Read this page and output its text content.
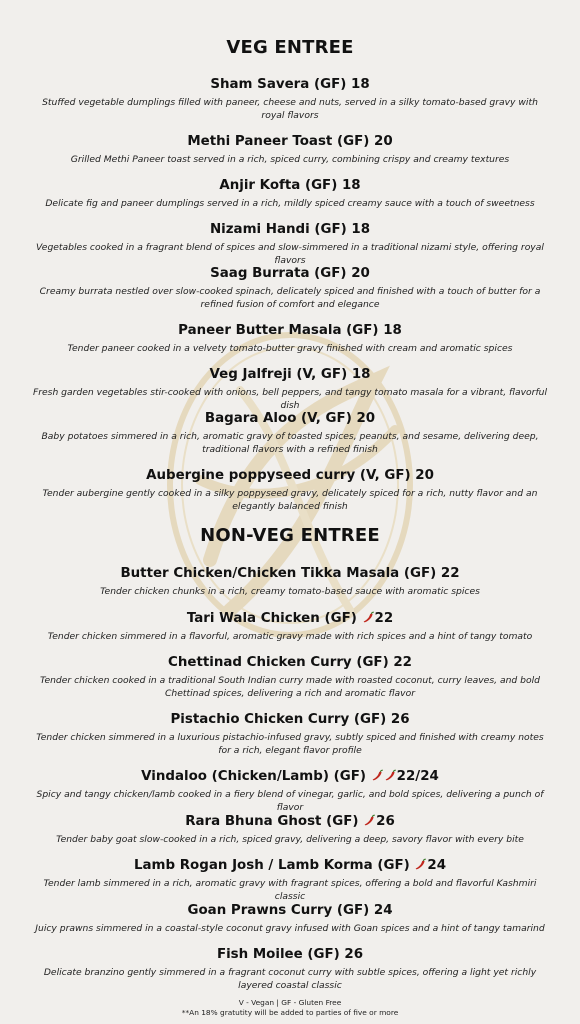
VEG ENTREE
Sham Savera (GF) 18
Stuffed vegetable dumplings filled with paneer, cheese and nuts, served in a silky tomato-based gravy with royal flavors
Methi Paneer Toast (GF) 20
Grilled Methi Paneer toast served in a rich, spiced curry, combining crispy and creamy textures
Anjir Kofta (GF) 18
Delicate fig and paneer dumplings served in a rich, mildly spiced creamy sauce with a touch of sweetness
Nizami Handi (GF) 18
Vegetables cooked in a fragrant blend of spices and slow-simmered in a traditional nizami style, offering royal flavors
Saag Burrata (GF) 20
Creamy burrata nestled over slow-cooked spinach, delicately spiced and finished with a touch of butter for a refined fusion of comfort and elegance
Paneer Butter Masala (GF) 18
Tender paneer cooked in a velvety tomato-butter gravy finished with cream and aromatic spices
Veg Jalfreji (V, GF) 18
Fresh garden vegetables stir-cooked with onions, bell peppers, and tangy tomato masala for a vibrant, flavorful dish
Bagara Aloo (V, GF) 20
Baby potatoes simmered in a rich, aromatic gravy of toasted spices, peanuts, and sesame, delivering deep, traditional flavors with a refined finish
Aubergine poppyseed curry (V, GF) 20
Tender aubergine gently cooked in a silky poppyseed gravy, delicately spiced for a rich, nutty flavor and an elegantly balanced finish
NON-VEG ENTREE
Butter Chicken/Chicken Tikka Masala (GF) 22
Tender chicken chunks in a rich, creamy tomato-based sauce with aromatic spices
Tari Wala Chicken (GF) 22
Tender chicken simmered in a flavorful, aromatic gravy made with rich spices and a hint of tangy tomato
Chettinad Chicken Curry (GF) 22
Tender chicken cooked in a traditional South Indian curry made with roasted coconut, curry leaves, and bold Chettinad spices, delivering a rich and aromatic flavor
Pistachio Chicken Curry (GF) 26
Tender chicken simmered in a luxurious pistachio-infused gravy, subtly spiced and finished with creamy notes for a rich, elegant flavor profile
Vindaloo (Chicken/Lamb) (GF) 22/24
Spicy and tangy chicken/lamb cooked in a fiery blend of vinegar, garlic, and bold spices, delivering a punch of flavor
Rara Bhuna Ghost (GF) 26
Tender baby goat slow-cooked in a rich, spiced gravy, delivering a deep, savory flavor with every bite
Lamb Rogan Josh / Lamb Korma (GF) 24
Tender lamb simmered in a rich, aromatic gravy with fragrant spices, offering a bold and flavorful Kashmiri classic
Goan Prawns Curry (GF) 24
Juicy prawns simmered in a coastal-style coconut gravy infused with Goan spices and a hint of tangy tamarind
Fish Moilee (GF) 26
Delicate branzino gently simmered in a fragrant coconut curry with subtle spices, offering a light yet richly layered coastal classic
V - Vegan | GF - Gluten Free
**An 18% gratutity will be added to parties of five or more
